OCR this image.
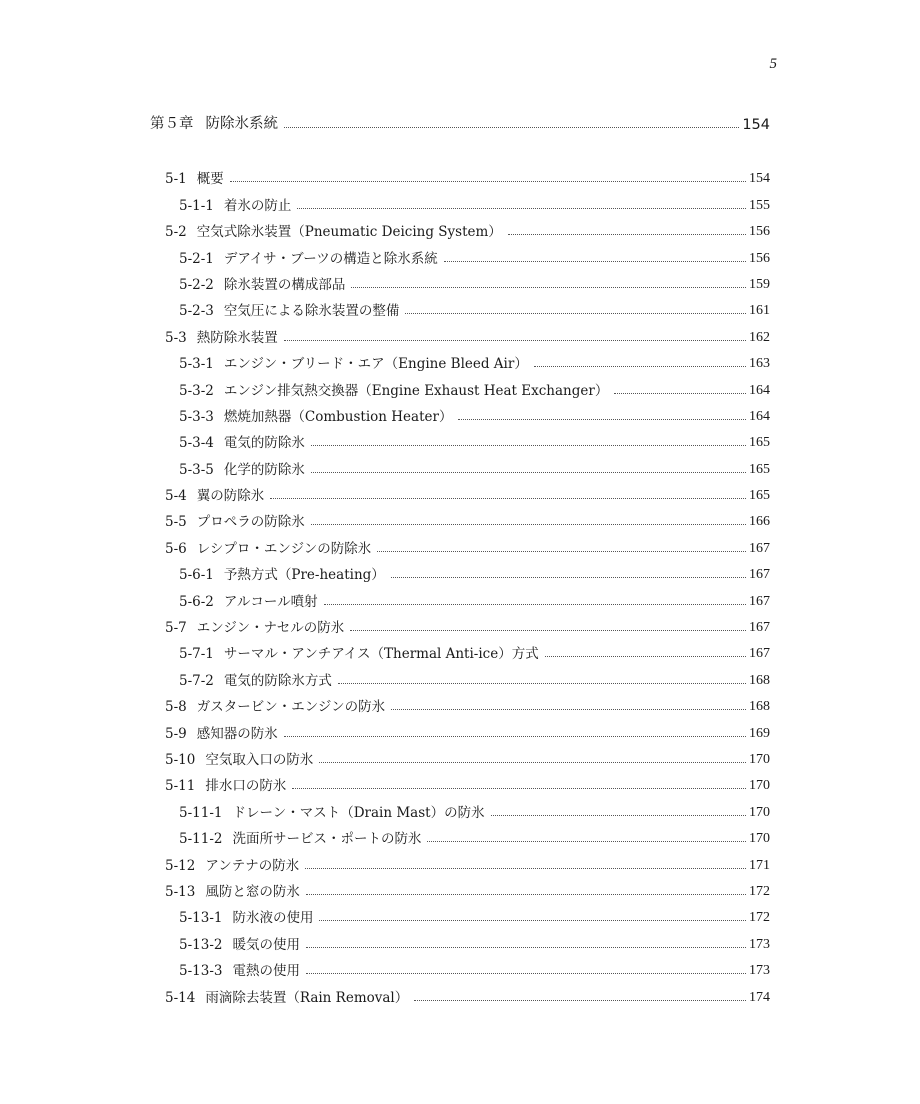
5
第５章 防除氷系統	154
5-1 概要	154
5-1-1 着氷の防止	155
5-2 空気式除氷装置（Pneumatic Deicing System）	156
5-2-1 デアイサ・ブーツの構造と除氷系統	156
5-2-2 除氷装置の構成部品	159
5-2-3 空気圧による除氷装置の整備	161
5-3 熱防除氷装置	162
5-3-1 エンジン・ブリード・エア（Engine Bleed Air）	163
5-3-2 エンジン排気熱交換器（Engine Exhaust Heat Exchanger）	164
5-3-3 燃焼加熱器（Combustion Heater）	164
5-3-4 電気的防除氷	165
5-3-5 化学的防除氷	165
5-4 翼の防除氷	165
5-5 プロペラの防除氷	166
5-6 レシプロ・エンジンの防除氷	167
5-6-1 予熱方式（Pre-heating）	167
5-6-2 アルコール噴射	167
5-7 エンジン・ナセルの防氷	167
5-7-1 サーマル・アンチアイス（Thermal Anti-ice）方式	167
5-7-2 電気的防除氷方式	168
5-8 ガスタービン・エンジンの防氷	168
5-9 感知器の防氷	169
5-10 空気取入口の防氷	170
5-11 排水口の防氷	170
5-11-1 ドレーン・マスト（Drain Mast）の防氷	170
5-11-2 洗面所サービス・ポートの防氷	170
5-12 アンテナの防氷	171
5-13 風防と窓の防氷	172
5-13-1 防氷液の使用	172
5-13-2 暖気の使用	173
5-13-3 電熱の使用	173
5-14 雨滴除去装置（Rain Removal）	174
